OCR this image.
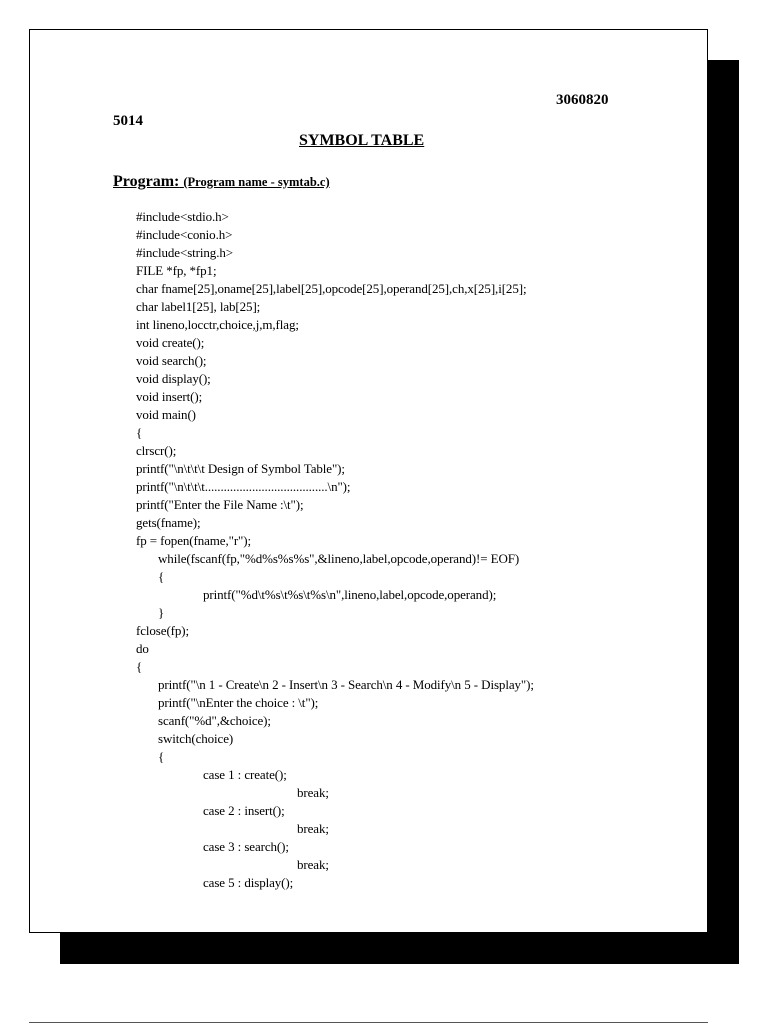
3060820
5014
SYMBOL TABLE
Program: (Program name - symtab.c)
#include<stdio.h>
#include<conio.h>
#include<string.h>
FILE *fp, *fp1;
char fname[25],oname[25],label[25],opcode[25],operand[25],ch,x[25],i[25];
char label1[25], lab[25];
int lineno,locctr,choice,j,m,flag;
void create();
void search();
void display();
void insert();
void main()
{
clrscr();
printf("\n\t\t\t Design of Symbol Table");
printf("\n\t\t\t.......................................\n");
printf("Enter the File Name :\t");
gets(fname);
fp = fopen(fname,"r");
while(fscanf(fp,"%d%s%s%s",&lineno,label,opcode,operand)!= EOF)
{
printf("%d\t%s\t%s\t%s\n",lineno,label,opcode,operand);
}
fclose(fp);
do
{
printf("\n 1 - Create\n 2 - Insert\n 3 - Search\n 4 - Modify\n 5 - Display");
printf("\nEnter the choice : \t");
scanf("%d",&choice);
switch(choice)
{
case 1 : create();
break;
case 2 : insert();
break;
case 3 : search();
break;
case 5 : display();
